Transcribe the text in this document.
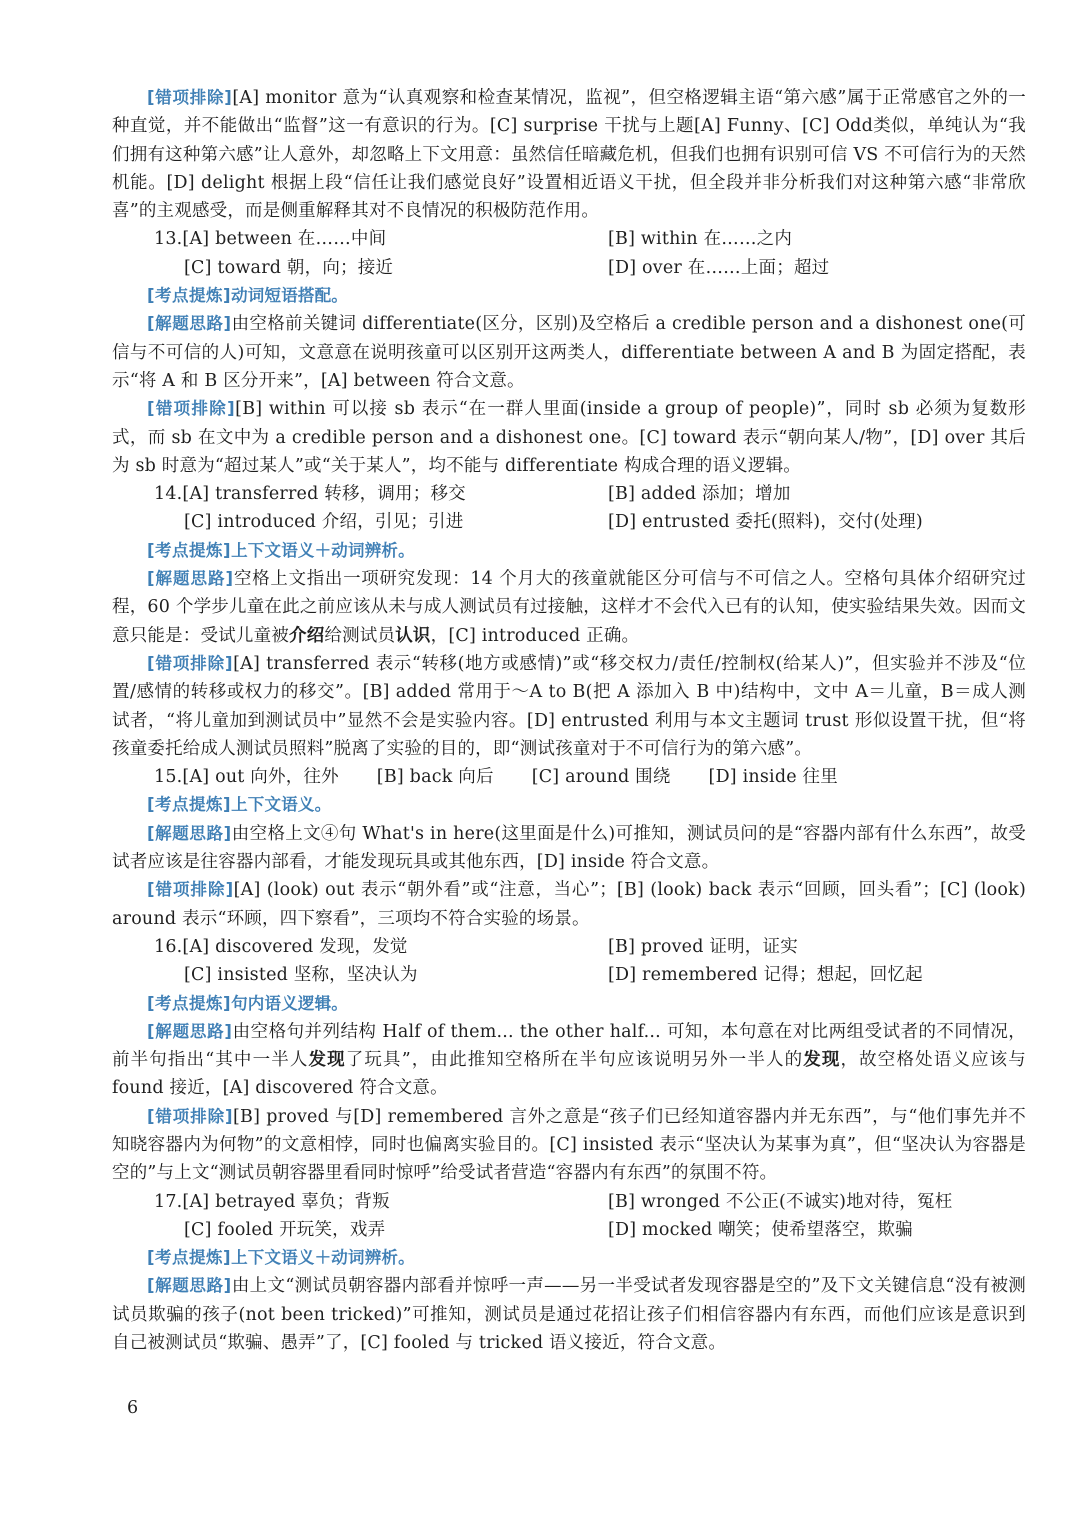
[错项排除][A] monitor 意为“认真观察和检查某情况，监视”，但空格逻辑主语“第六感”属于正常感官之外的一种直觉，并不能做出“监督”这一有意识的行为。[C] surprise 干扰与上题[A] Funny、[C] Odd类似，单纯认为“我们拥有这种第六感”让人意外，却忽略上下文用意：虽然信任暗藏危机，但我们也拥有识别可信 VS 不可信行为的天然机能。[D] delight 根据上段“信任让我们感觉良好”设置相近语义干扰，但全段并非分析我们对这种第六感“非常欣喜”的主观感受，而是侧重解释其对不良情况的积极防范作用。

13.[A] between 在……中间	[B] within 在……之内
[C] toward 朝，向；接近	[D] over 在……上面；超过

[考点提炼]动词短语搭配。

[解题思路]由空格前关键词 differentiate(区分，区别)及空格后 a credible person and a dishonest one(可信与不可信的人)可知，文意意在说明孩童可以区别开这两类人，differentiate between A and B 为固定搭配，表示“将 A 和 B 区分开来”，[A] between 符合文意。

[错项排除][B] within 可以接 sb 表示“在一群人里面(inside a group of people)”，同时 sb 必须为复数形式，而 sb 在文中为 a credible person and a dishonest one。[C] toward 表示“朝向某人/物”，[D] over 其后为 sb 时意为“超过某人”或“关于某人”，均不能与 differentiate 构成合理的语义逻辑。

14.[A] transferred 转移，调用；移交	[B] added 添加；增加
[C] introduced 介绍，引见；引进	[D] entrusted 委托(照料)，交付(处理)

[考点提炼]上下文语义＋动词辨析。

[解题思路]空格上文指出一项研究发现：14 个月大的孩童就能区分可信与不可信之人。空格句具体介绍研究过程，60 个学步儿童在此之前应该从未与成人测试员有过接触，这样才不会代入已有的认知，使实验结果失效。因而文意只能是：受试儿童被介绍给测试员认识，[C] introduced 正确。

[错项排除][A] transferred 表示“转移(地方或感情)”或“移交权力/责任/控制权(给某人)”，但实验并不涉及“位置/感情的转移或权力的移交”。[B] added 常用于～A to B(把 A 添加入 B 中)结构中，文中 A＝儿童，B＝成人测试者，“将儿童加到测试员中”显然不会是实验内容。[D] entrusted 利用与本文主题词 trust 形似设置干扰，但“将孩童委托给成人测试员照料”脱离了实验的目的，即“测试孩童对于不可信行为的第六感”。

15.[A] out 向外，往外 [B] back 向后 [C] around 围绕 [D] inside 往里

[考点提炼]上下文语义。

[解题思路]由空格上文④句 What's in here(这里面是什么)可推知，测试员问的是“容器内部有什么东西”，故受试者应该是往容器内部看，才能发现玩具或其他东西，[D] inside 符合文意。

[错项排除][A] (look) out 表示“朝外看”或“注意，当心”；[B] (look) back 表示“回顾，回头看”；[C] (look) around 表示“环顾，四下察看”，三项均不符合实验的场景。

16.[A] discovered 发现，发觉	[B] proved 证明，证实
[C] insisted 坚称，坚决认为	[D] remembered 记得；想起，回忆起

[考点提炼]句内语义逻辑。

[解题思路]由空格句并列结构 Half of them... the other half... 可知，本句意在对比两组受试者的不同情况，前半句指出“其中一半人发现了玩具”，由此推知空格所在半句应该说明另外一半人的发现，故空格处语义应该与 found 接近，[A] discovered 符合文意。

[错项排除][B] proved 与[D] remembered 言外之意是“孩子们已经知道容器内并无东西”，与“他们事先并不知晓容器内为何物”的文意相悖，同时也偏离实验目的。[C] insisted 表示“坚决认为某事为真”，但“坚决认为容器是空的”与上文“测试员朝容器里看同时惊呼”给受试者营造“容器内有东西”的氛围不符。

17.[A] betrayed 辜负；背叛	[B] wronged 不公正(不诚实)地对待，冤枉
[C] fooled 开玩笑，戏弄	[D] mocked 嘲笑；使希望落空，欺骗

[考点提炼]上下文语义＋动词辨析。

[解题思路]由上文“测试员朝容器内部看并惊呼一声——另一半受试者发现容器是空的”及下文关键信息“没有被测试员欺骗的孩子(not been tricked)”可推知，测试员是通过花招让孩子们相信容器内有东西，而他们应该是意识到自己被测试员“欺骗、愚弄”了，[C] fooled 与 tricked 语义接近，符合文意。

6
